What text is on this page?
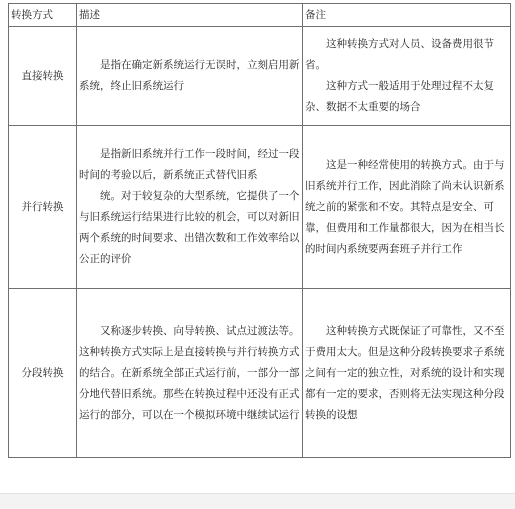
转换方式	描述	备注
直接转换	是指在确定新系统运行无误时，立刻启用新系统，终止旧系统运行	这种转换方式对人员、设备费用很节省。
这种方式一般适用于处理过程不太复杂、数据不太重要的场合

并行转换	是指新旧系统并行工作一段时间，经过一段时间的考验以后，新系统正式替代旧系
统。对于较复杂的大型系统，它提供了一个与旧系统运行结果进行比较的机会，可以对新旧两个系统的时间要求、出错次数和工作效率给以公正的评价	这是一种经常使用的转换方式。由于与旧系统并行工作，因此消除了尚未认识新系统之前的紧张和不安。其特点是安全、可靠，但费用和工作量都很大，因为在相当长的时间内系统要两套班子并行工作

分段转换	又称逐步转换、向导转换、试点过渡法等。这种转换方式实际上是直接转换与并行转换方式的结合。在新系统全部正式运行前，一部分一部分地代替旧系统。那些在转换过程中还没有正式运行的部分，可以在一个模拟环境中继续试运行	这种转换方式既保证了可靠性，又不至于费用太大。但是这种分段转换要求子系统之间有一定的独立性，对系统的设计和实现都有一定的要求，否则将无法实现这种分段转换的设想
